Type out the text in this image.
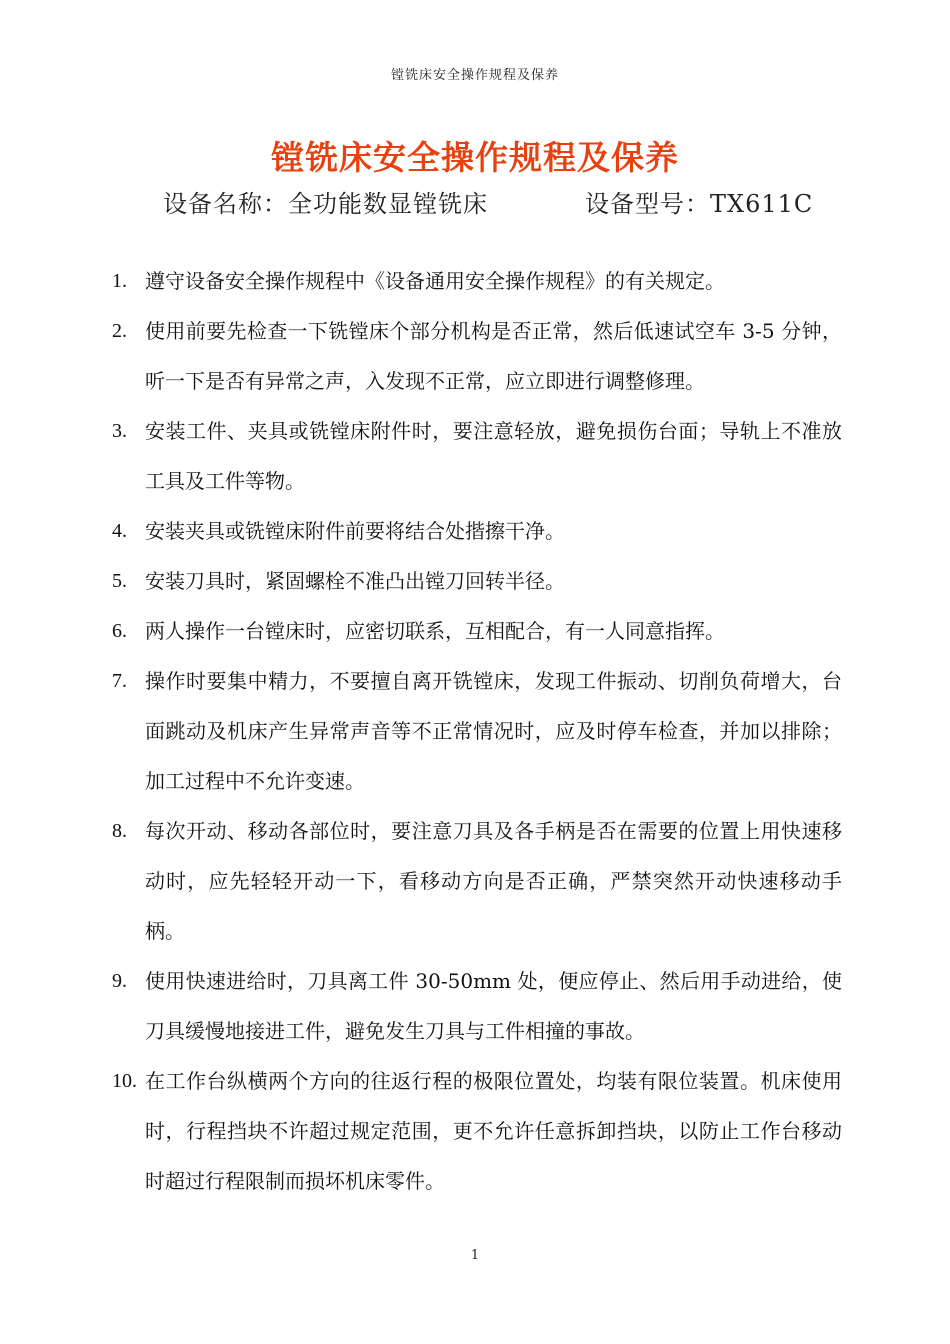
镗铣床安全操作规程及保养
镗铣床安全操作规程及保养
设备名称：全功能数显镗铣床	设备型号：TX611C
1. 遵守设备安全操作规程中《设备通用安全操作规程》的有关规定。
2. 使用前要先检查一下铣镗床个部分机构是否正常，然后低速试空车 3-5 分钟，听一下是否有异常之声，入发现不正常，应立即进行调整修理。
3. 安装工件、夹具或铣镗床附件时，要注意轻放，避免损伤台面；导轨上不准放工具及工件等物。
4. 安装夹具或铣镗床附件前要将结合处揩擦干净。
5. 安装刀具时，紧固螺栓不准凸出镗刀回转半径。
6. 两人操作一台镗床时，应密切联系，互相配合，有一人同意指挥。
7. 操作时要集中精力，不要擅自离开铣镗床，发现工件振动、切削负荷增大，台面跳动及机床产生异常声音等不正常情况时，应及时停车检查，并加以排除；加工过程中不允许变速。
8. 每次开动、移动各部位时，要注意刀具及各手柄是否在需要的位置上用快速移动时，应先轻轻开动一下，看移动方向是否正确，严禁突然开动快速移动手柄。
9. 使用快速进给时，刀具离工件 30-50mm 处，便应停止、然后用手动进给，使刀具缓慢地接进工件，避免发生刀具与工件相撞的事故。
10. 在工作台纵横两个方向的往返行程的极限位置处，均装有限位装置。机床使用时，行程挡块不许超过规定范围，更不允许任意拆卸挡块，以防止工作台移动时超过行程限制而损坏机床零件。
1
